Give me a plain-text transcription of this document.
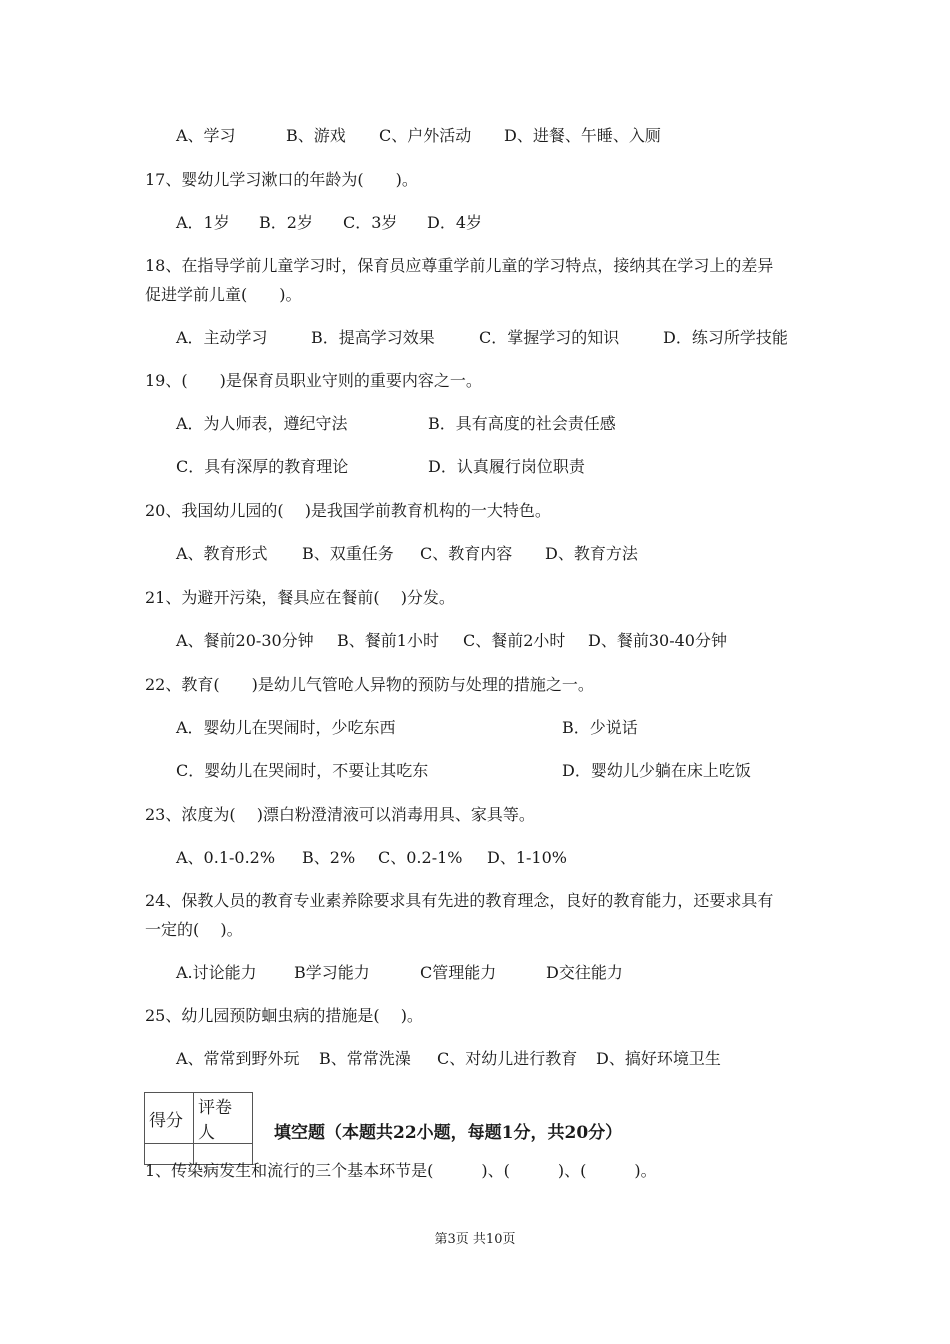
A、学习	B、游戏 C、户外活动 D、进餐、午睡、入厕
17、婴幼儿学习漱口的年龄为(　　)。
A．1岁 B．2岁 C．3岁 D．4岁
18、在指导学前儿童学习时，保育员应尊重学前儿童的学习特点，接纳其在学习上的差异
促进学前儿童(　　)。
A．主动学习	B．提高学习效果	C．掌握学习的知识	D．练习所学技能
19、(　　)是保育员职业守则的重要内容之一。
A．为人师表，遵纪守法	B．具有高度的社会责任感
C．具有深厚的教育理论	D．认真履行岗位职责
20、我国幼儿园的(　 )是我国学前教育机构的一大特色。
A、教育形式 B、双重任务 C、教育内容 D、教育方法
21、为避开污染，餐具应在餐前(　 )分发。
A、餐前20-30分钟 B、餐前1小时 C、餐前2小时 D、餐前30-40分钟
22、教育(　　)是幼儿气管呛人异物的预防与处理的措施之一。
A．婴幼儿在哭闹时，少吃东西	B．少说话
C．婴幼儿在哭闹时，不要让其吃东	D．婴幼儿少躺在床上吃饭
23、浓度为(　 )漂白粉澄清液可以消毒用具、家具等。
A、0.1-0.2% B、2% C、0.2-1% D、1-10%
24、保教人员的教育专业素养除要求具有先进的教育理念，良好的教育能力，还要求具有
一定的(　 )。
A.讨论能力 B学习能力	C管理能力	D交往能力
25、幼儿园预防蛔虫病的措施是(　 )。
A、常常到野外玩 B、常常洗澡 C、对幼儿进行教育 D、搞好环境卫生
得分	评卷人
		填空题（本题共22小题，每题1分，共20分）
1、传染病发生和流行的三个基本环节是(　　　)、(　　　)、(　　　)。
第3页 共10页
